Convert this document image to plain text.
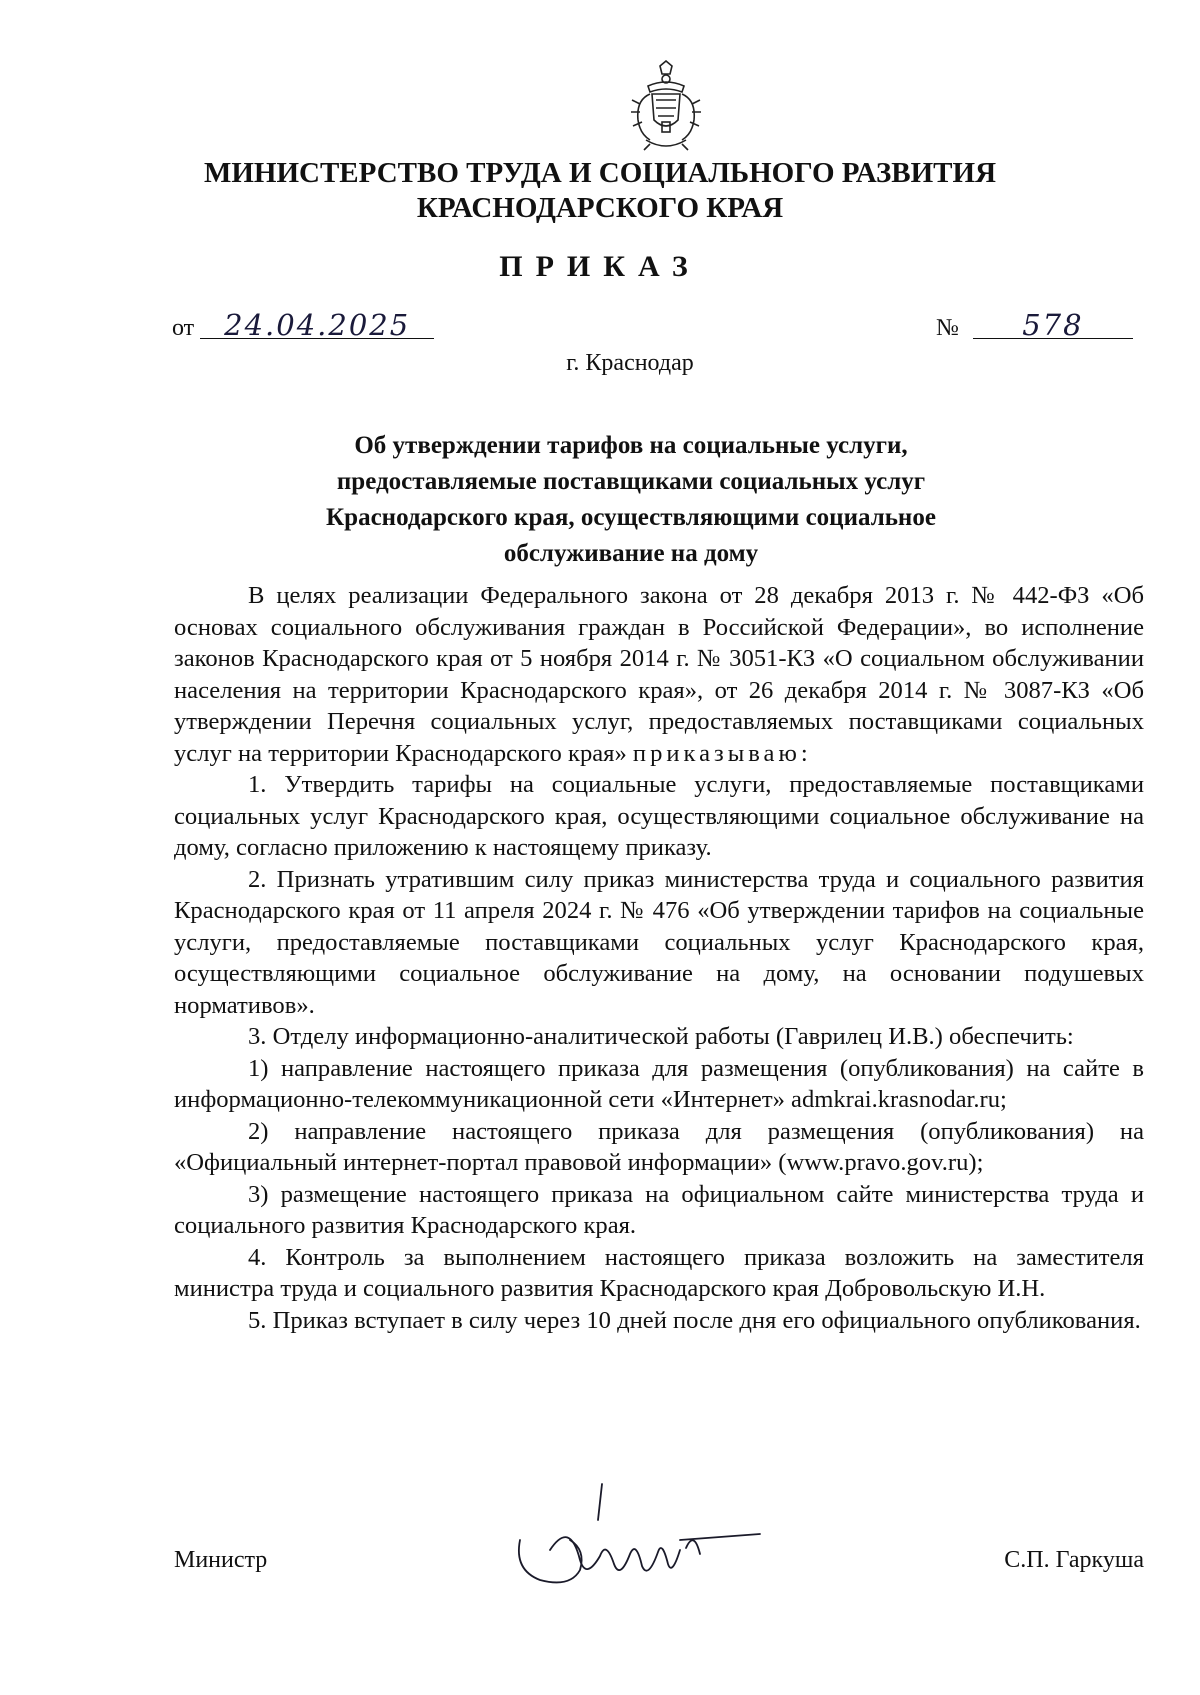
МИНИСТЕРСТВО ТРУДА И СОЦИАЛЬНОГО РАЗВИТИЯ
КРАСНОДАРСКОГО КРАЯ
ПРИКАЗ
от 24.04.2025	№ 578
г. Краснодар
Об утверждении тарифов на социальные услуги,
предоставляемые поставщиками социальных услуг
Краснодарского края, осуществляющими социальное
обслуживание на дому

В целях реализации Федерального закона от 28 декабря 2013 г. № 442-ФЗ «Об основах социального обслуживания граждан в Российской Федерации», во исполнение законов Краснодарского края от 5 ноября 2014 г. № 3051-КЗ «О социальном обслуживании населения на территории Краснодарского края», от 26 декабря 2014 г. № 3087-КЗ «Об утверждении Перечня социальных услуг, предоставляемых поставщиками социальных услуг на территории Краснодарского края» приказываю:

1. Утвердить тарифы на социальные услуги, предоставляемые поставщиками социальных услуг Краснодарского края, осуществляющими социальное обслуживание на дому, согласно приложению к настоящему приказу.

2. Признать утратившим силу приказ министерства труда и социального развития Краснодарского края от 11 апреля 2024 г. № 476 «Об утверждении тарифов на социальные услуги, предоставляемые поставщиками социальных услуг Краснодарского края, осуществляющими социальное обслуживание на дому, на основании подушевых нормативов».

3. Отделу информационно-аналитической работы (Гаврилец И.В.) обеспечить:

1) направление настоящего приказа для размещения (опубликования) на сайте в информационно-телекоммуникационной сети «Интернет» admkrai.krasnodar.ru;

2) направление настоящего приказа для размещения (опубликования) на «Официальный интернет-портал правовой информации» (www.pravo.gov.ru);

3) размещение настоящего приказа на официальном сайте министерства труда и социального развития Краснодарского края.

4. Контроль за выполнением настоящего приказа возложить на заместителя министра труда и социального развития Краснодарского края Добровольскую И.Н.

5. Приказ вступает в силу через 10 дней после дня его официального опубликования.

Министр	С.П. Гаркуша
